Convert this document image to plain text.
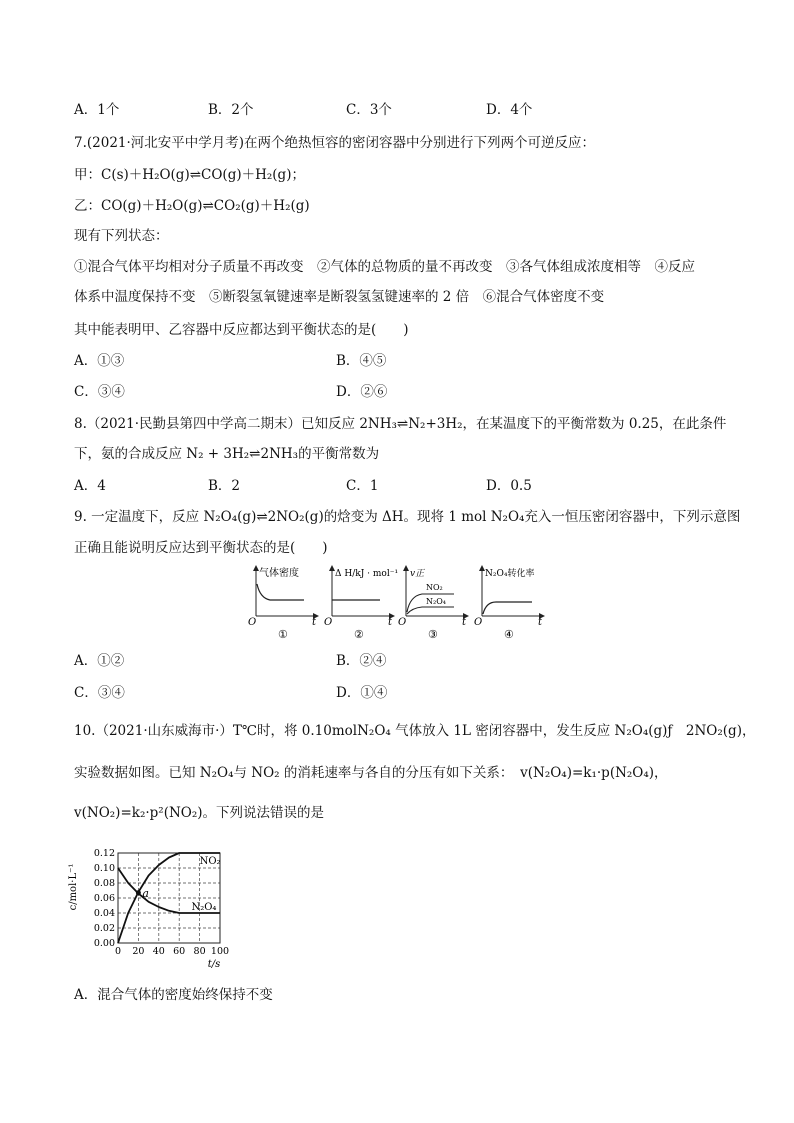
A．1个	B．2个	C．3个	D．4个
7.(2021·河北安平中学月考)在两个绝热恒容的密闭容器中分别进行下列两个可逆反应：
甲：C(s)＋H₂O(g)⇌CO(g)＋H₂(g)；
乙：CO(g)＋H₂O(g)⇌CO₂(g)＋H₂(g)
现有下列状态：
①混合气体平均相对分子质量不再改变　②气体的总物质的量不再改变　③各气体组成浓度相等　④反应
体系中温度保持不变　⑤断裂氢氧键速率是断裂氢氢键速率的 2 倍　⑥混合气体密度不变
其中能表明甲、乙容器中反应都达到平衡状态的是(　　)
A．①③	B．④⑤
C．③④	D．②⑥
8.（2021·民勤县第四中学高二期末）已知反应 2NH₃⇌N₂+3H₂，在某温度下的平衡常数为 0.25，在此条件
下，氨的合成反应 N₂ + 3H₂⇌2NH₃的平衡常数为
A．4	B．2	C．1	D．0.5
9. 一定温度下，反应 N₂O₄(g)⇌2NO₂(g)的焓变为 ΔH。现将 1 mol N₂O₄充入一恒压密闭容器中，下列示意图
正确且能说明反应达到平衡状态的是(　　)
气体密度
O	t
①
Δ H/kJ · mol⁻¹
O	t
②
v正
NO₂
N₂O₄
O	t
③
N₂O₄转化率
O	t
④
A．①②	B．②④
C．③④	D．①④
10.（2021·山东威海市·）T℃时，将 0.10molN₂O₄ 气体放入 1L 密闭容器中，发生反应 N₂O₄(g)ƒ　2NO₂(g)，
实验数据如图。已知 N₂O₄与 NO₂ 的消耗速率与各自的分压有如下关系：　v(N₂O₄)=k₁·p(N₂O₄)，
v(NO₂)=k₂·p²(NO₂)。下列说法错误的是
0.00
0.02
0.04
0.06
0.08
0.10
0.12
0 20 40 60 80 100
c/mol·L⁻¹
t/s
NO₂
N₂O₄
a
A．混合气体的密度始终保持不变
